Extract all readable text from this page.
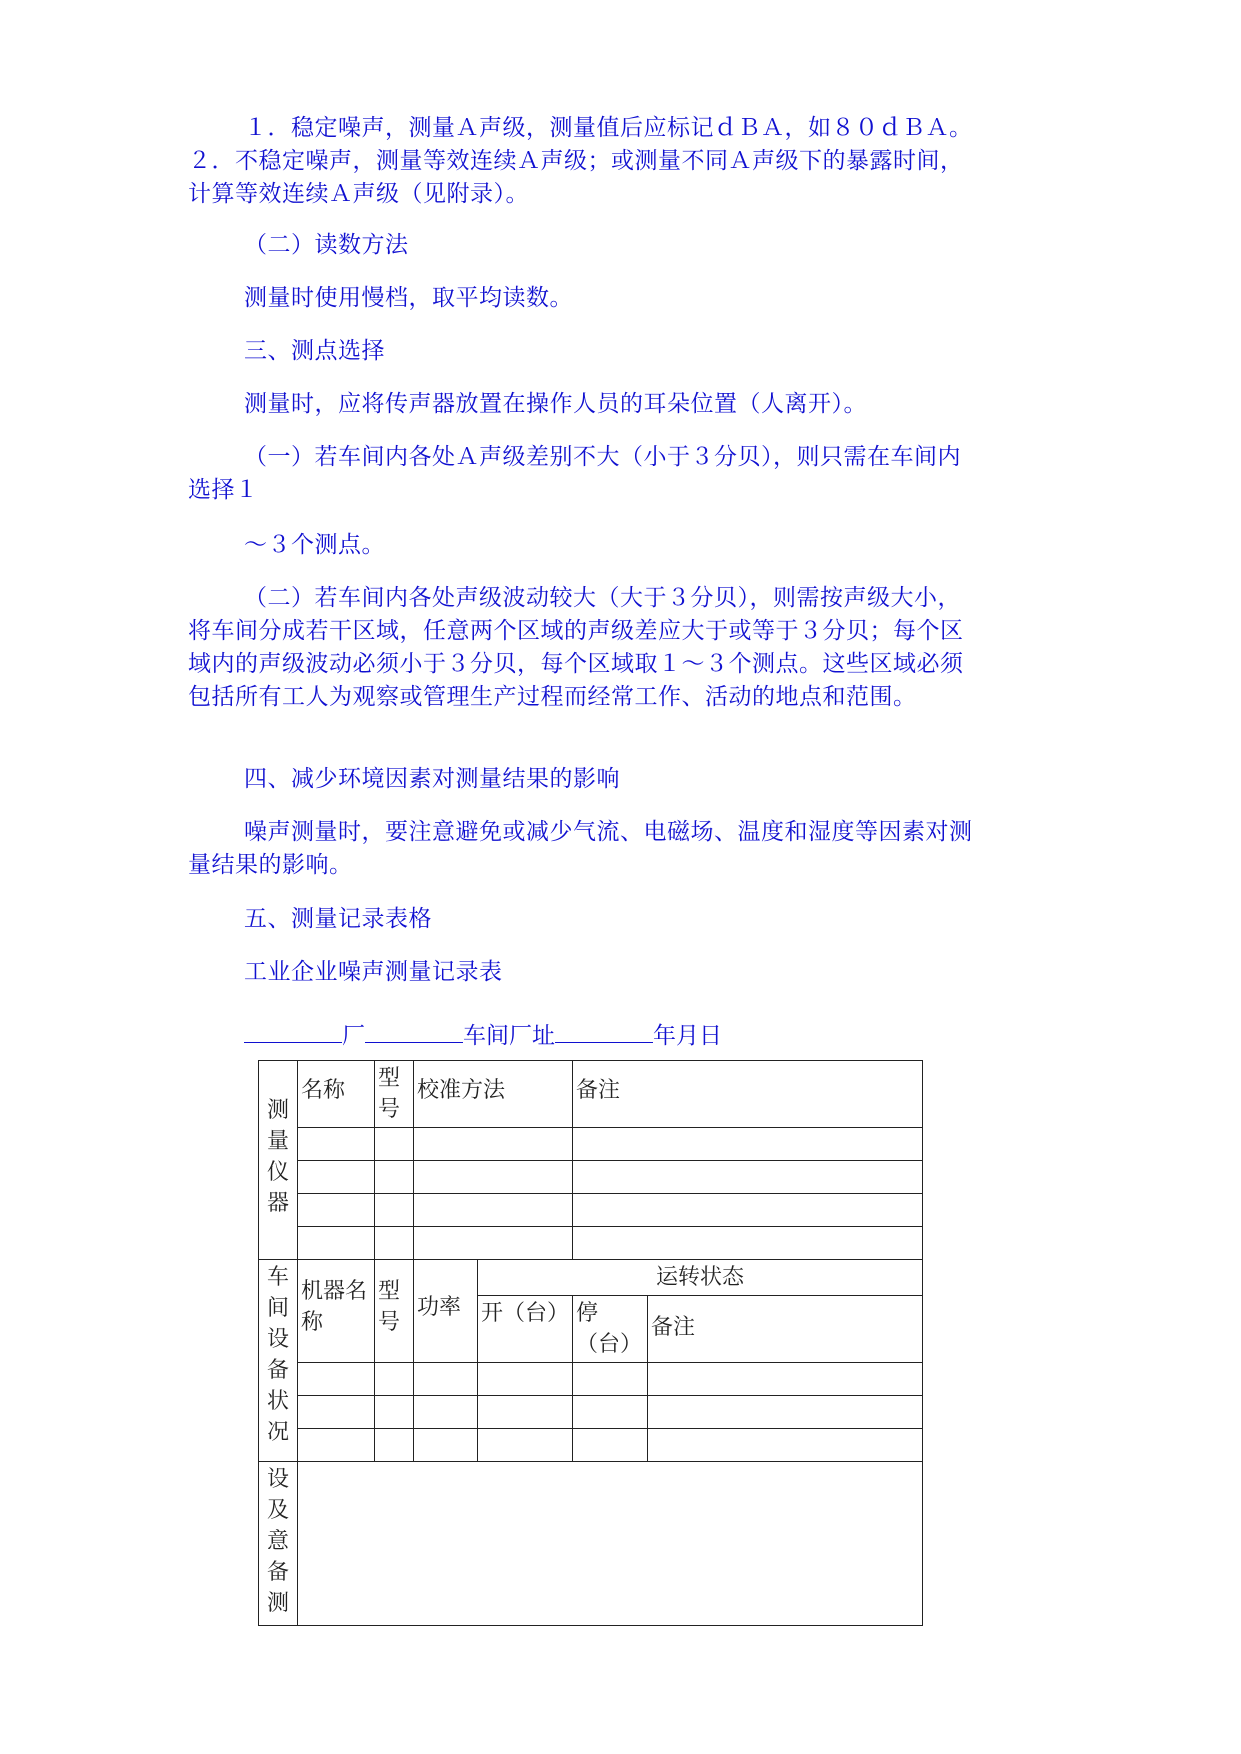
１．稳定噪声，测量Ａ声级，测量值后应标记ｄＢＡ，如８０ｄＢＡ。２．不稳定噪声，测量等效连续Ａ声级；或测量不同Ａ声级下的暴露时间，计算等效连续Ａ声级（见附录）。

（二）读数方法

测量时使用慢档，取平均读数。

三、测点选择

测量时，应将传声器放置在操作人员的耳朵位置（人离开）。

（一）若车间内各处Ａ声级差别不大（小于３分贝），则只需在车间内选择１

～３个测点。

（二）若车间内各处声级波动较大（大于３分贝），则需按声级大小，将车间分成若干区域，任意两个区域的声级差应大于或等于３分贝；每个区域内的声级波动必须小于３分贝，每个区域取１～３个测点。这些区域必须包括所有工人为观察或管理生产过程而经常工作、活动的地点和范围。

四、减少环境因素对测量结果的影响

噪声测量时，要注意避免或减少气流、电磁场、温度和湿度等因素对测量结果的影响。

五、测量记录表格

工业企业噪声测量记录表

厂	车间厂址	年月日
测量仪器	名称	型号	校准方法		备注	

车间设备状况	机器名称	型号	功率	运转状态		
				开（台）	停（台）	备注

设及意备测						
